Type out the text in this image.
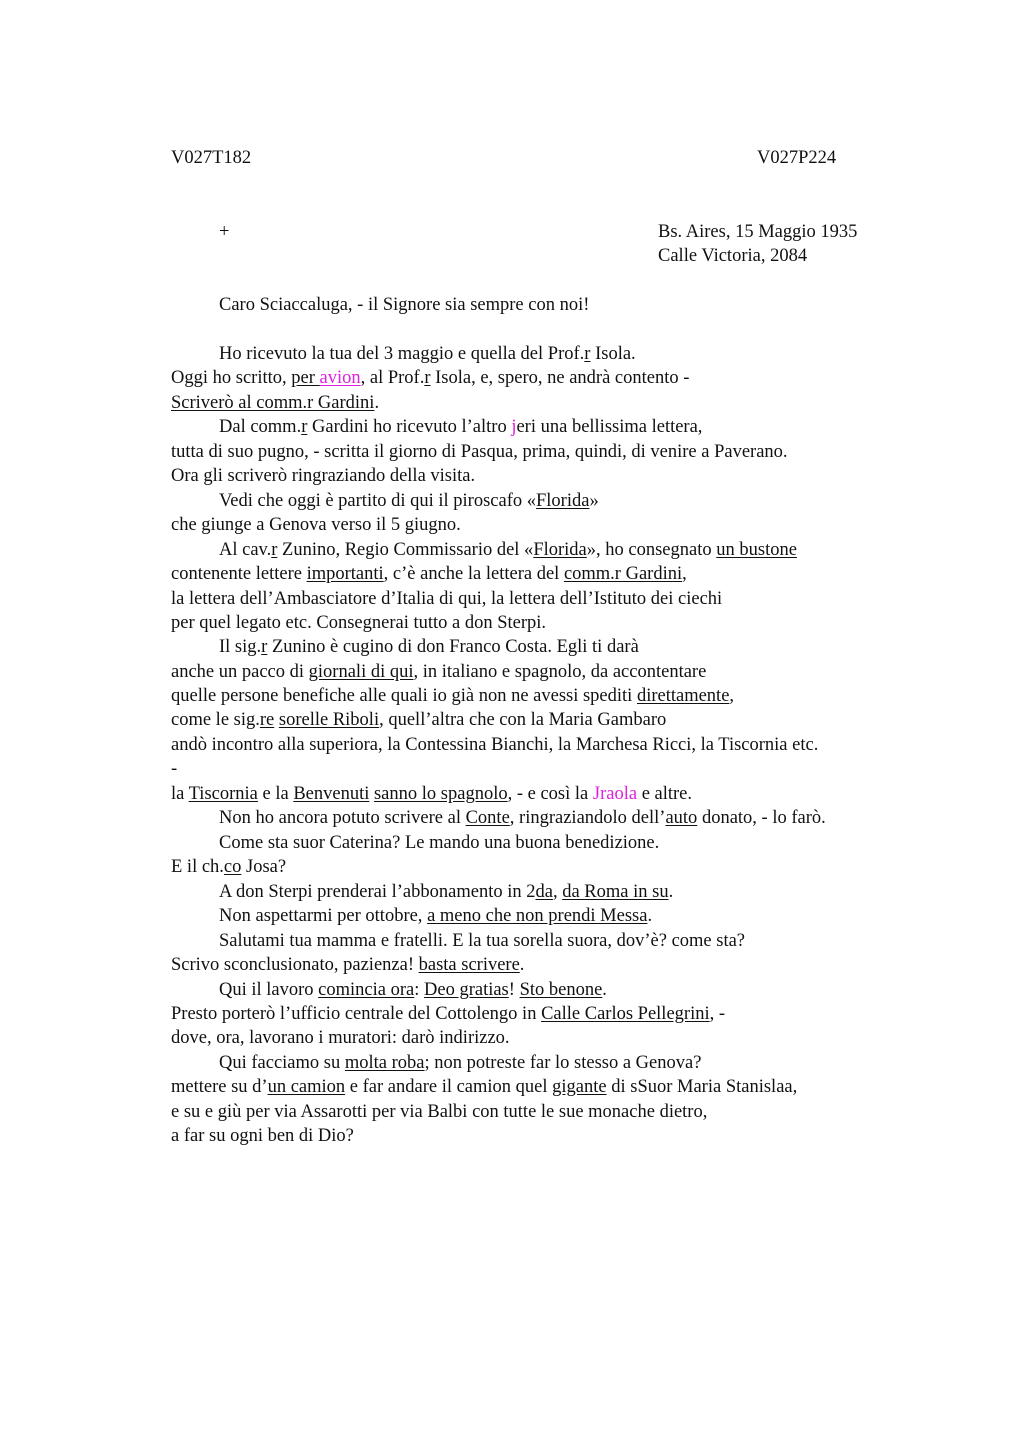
V027T182	V027P224
+	Bs. Aires, 15 Maggio 1935
Calle Victoria, 2084
Caro Sciaccaluga, - il Signore sia sempre con noi!
Ho ricevuto la tua del 3 maggio e quella del Prof.r Isola.
Oggi ho scritto, per avion, al Prof.r Isola, e, spero, ne andrà contento -
Scriverò al comm.r Gardini.
Dal comm.r Gardini ho ricevuto l’altro jeri una bellissima lettera,
tutta di suo pugno, - scritta il giorno di Pasqua, prima, quindi, di venire a Paverano.
Ora gli scriverò ringraziando della visita.
Vedi che oggi è partito di qui il piroscafo «Florida»
che giunge a Genova verso il 5 giugno.
Al cav.r Zunino, Regio Commissario del «Florida», ho consegnato un bustone
contenente lettere importanti, c’è anche la lettera del comm.r Gardini,
la lettera dell’Ambasciatore d’Italia di qui, la lettera dell’Istituto dei ciechi
per quel legato etc. Consegnerai tutto a don Sterpi.
Il sig.r Zunino è cugino di don Franco Costa. Egli ti darà
anche un pacco di giornali di qui, in italiano e spagnolo, da accontentare
quelle persone benefiche alle quali io già non ne avessi spediti direttamente,
come le sig.re sorelle Riboli, quell’altra che con la Maria Gambaro
andò incontro alla superiora, la Contessina Bianchi, la Marchesa Ricci, la Tiscornia etc.
-
la Tiscornia e la Benvenuti sanno lo spagnolo, - e così la Jraola e altre.
Non ho ancora potuto scrivere al Conte, ringraziandolo dell’auto donato, - lo farò.
Come sta suor Caterina? Le mando una buona benedizione.
E il ch.co Josa?
A don Sterpi prenderai l’abbonamento in 2da, da Roma in su.
Non aspettarmi per ottobre, a meno che non prendi Messa.
Salutami tua mamma e fratelli. E la tua sorella suora, dov’è? come sta?
Scrivo sconclusionato, pazienza! basta scrivere.
Qui il lavoro comincia ora: Deo gratias! Sto benone.
Presto porterò l’ufficio centrale del Cottolengo in Calle Carlos Pellegrini, -
dove, ora, lavorano i muratori: darò indirizzo.
Qui facciamo su molta roba; non potreste far lo stesso a Genova?
mettere su d’un camion e far andare il camion quel gigante di sSuor Maria Stanislaa,
e su e giù per via Assarotti per via Balbi con tutte le sue monache dietro,
a far su ogni ben di Dio?
